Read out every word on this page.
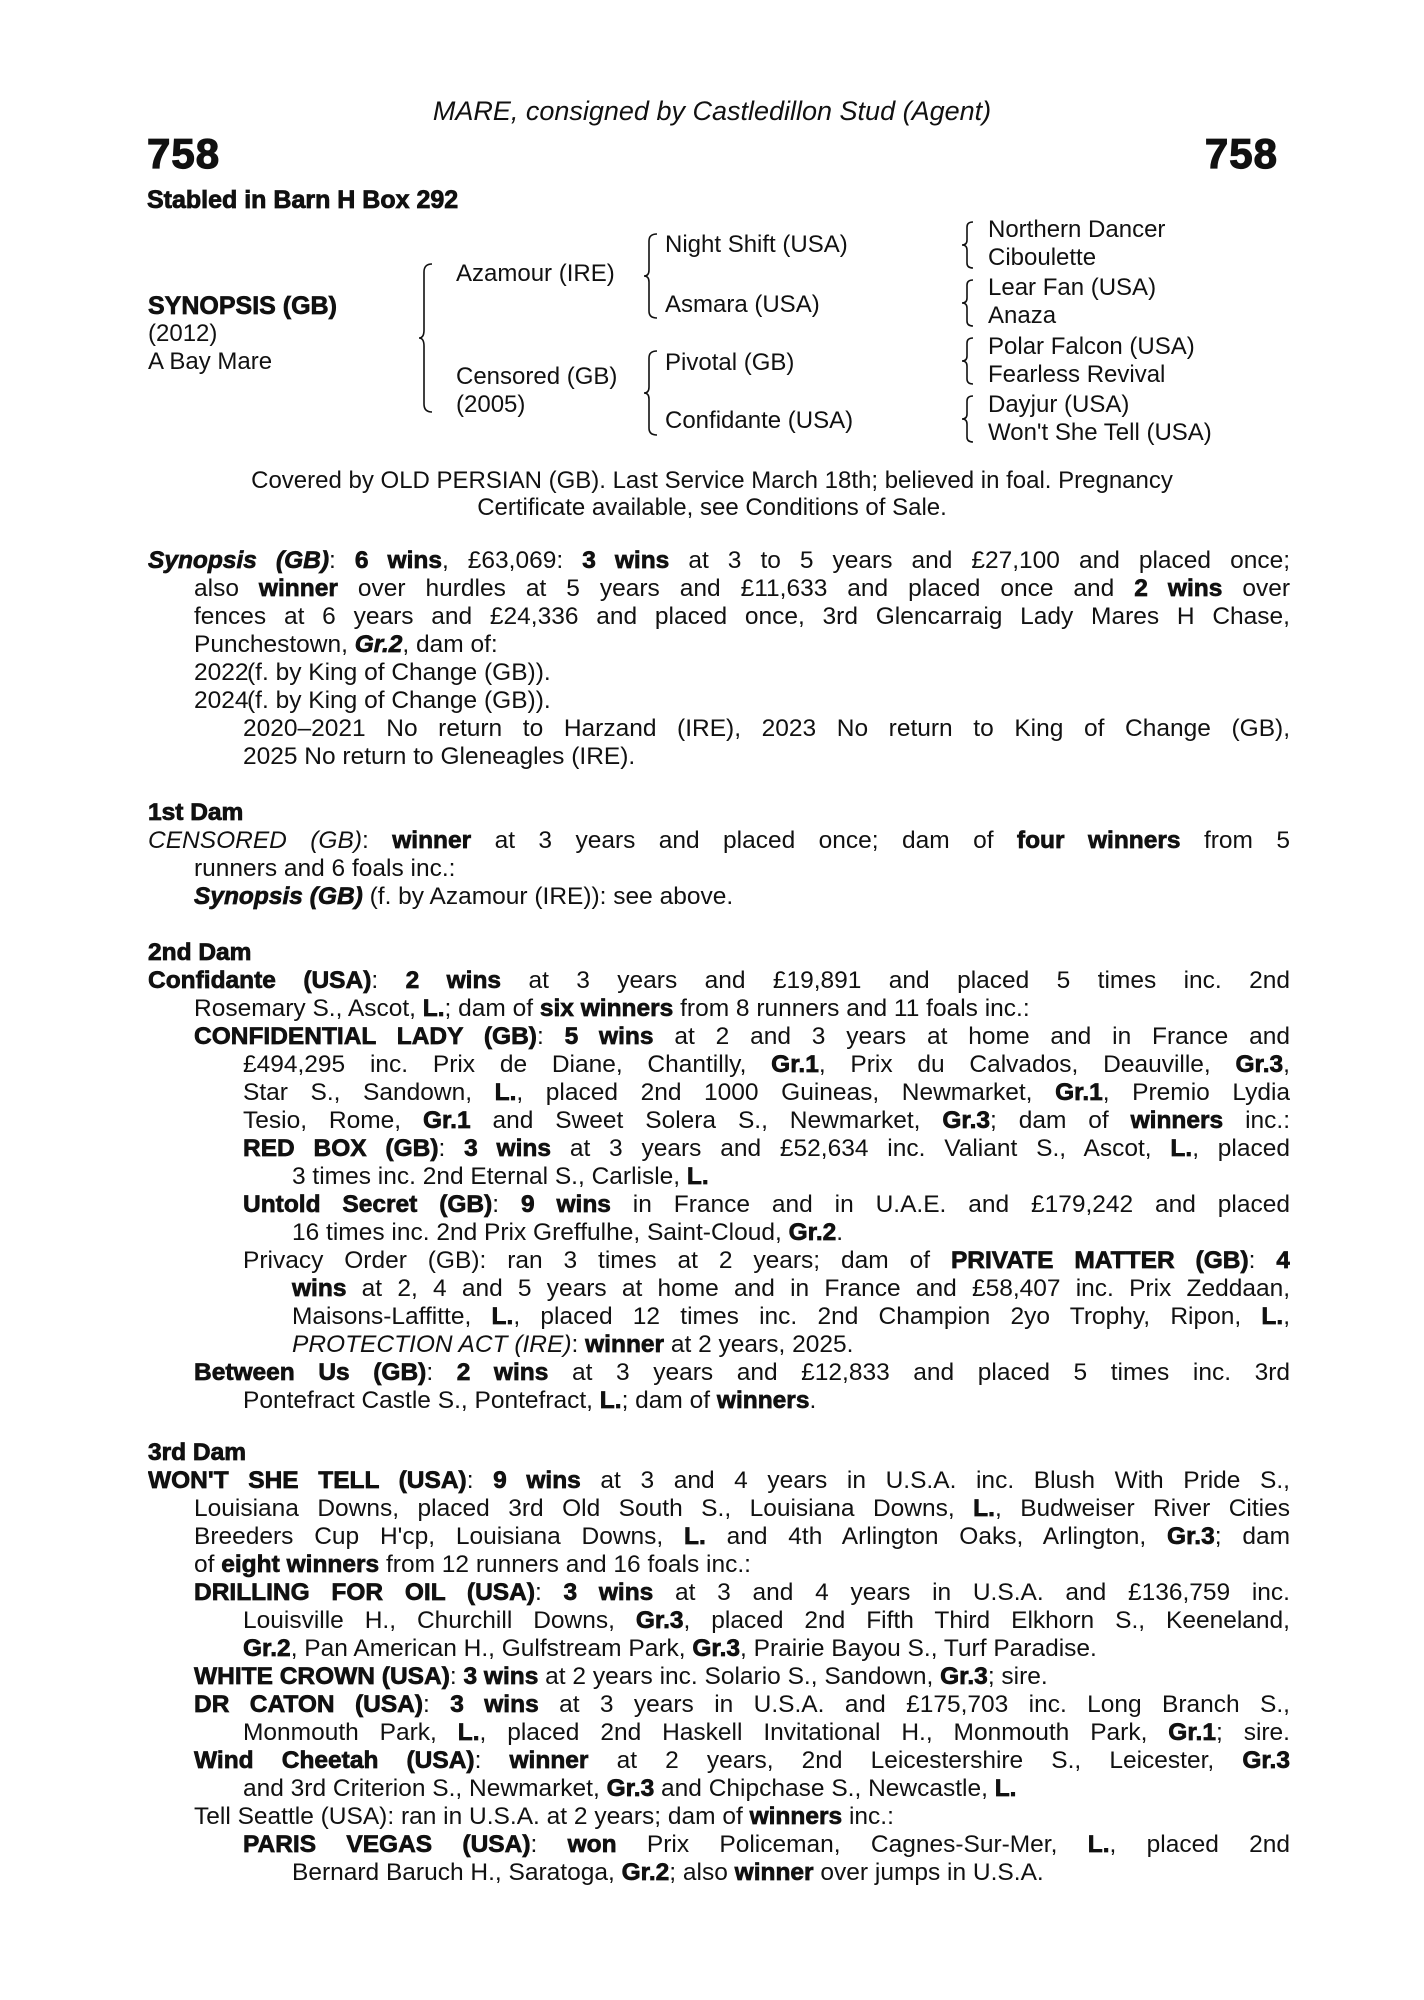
MARE, consigned by Castledillon Stud (Agent)
758	758
Stabled in Barn H Box 292
SYNOPSIS (GB)
(2012)
A Bay Mare
Azamour (IRE)
Censored (GB)
(2005)
Night Shift (USA)
Asmara (USA)
Pivotal (GB)
Confidante (USA)
Northern Dancer
Ciboulette
Lear Fan (USA)
Anaza
Polar Falcon (USA)
Fearless Revival
Dayjur (USA)
Won't She Tell (USA)
Covered by OLD PERSIAN (GB). Last Service March 18th; believed in foal. Pregnancy
Certificate available, see Conditions of Sale.
Synopsis (GB): 6 wins, £63,069: 3 wins at 3 to 5 years and £27,100 and placed once;
also winner over hurdles at 5 years and £11,633 and placed once and 2 wins over
fences at 6 years and £24,336 and placed once, 3rd Glencarraig Lady Mares H Chase,
Punchestown, Gr.2, dam of:
2022(f. by King of Change (GB)).
2024(f. by King of Change (GB)).
2020–2021 No return to Harzand (IRE), 2023 No return to King of Change (GB),
2025 No return to Gleneagles (IRE).
1st Dam
CENSORED (GB): winner at 3 years and placed once; dam of four winners from 5
runners and 6 foals inc.:
Synopsis (GB) (f. by Azamour (IRE)): see above.
2nd Dam
Confidante (USA): 2 wins at 3 years and £19,891 and placed 5 times inc. 2nd
Rosemary S., Ascot, L.; dam of six winners from 8 runners and 11 foals inc.:
CONFIDENTIAL LADY (GB): 5 wins at 2 and 3 years at home and in France and
£494,295 inc. Prix de Diane, Chantilly, Gr.1, Prix du Calvados, Deauville, Gr.3,
Star S., Sandown, L., placed 2nd 1000 Guineas, Newmarket, Gr.1, Premio Lydia
Tesio, Rome, Gr.1 and Sweet Solera S., Newmarket, Gr.3; dam of winners inc.:
RED BOX (GB): 3 wins at 3 years and £52,634 inc. Valiant S., Ascot, L., placed
3 times inc. 2nd Eternal S., Carlisle, L.
Untold Secret (GB): 9 wins in France and in U.A.E. and £179,242 and placed
16 times inc. 2nd Prix Greffulhe, Saint-Cloud, Gr.2.
Privacy Order (GB): ran 3 times at 2 years; dam of PRIVATE MATTER (GB): 4
wins at 2, 4 and 5 years at home and in France and £58,407 inc. Prix Zeddaan,
Maisons-Laffitte, L., placed 12 times inc. 2nd Champion 2yo Trophy, Ripon, L.,
PROTECTION ACT (IRE): winner at 2 years, 2025.
Between Us (GB): 2 wins at 3 years and £12,833 and placed 5 times inc. 3rd
Pontefract Castle S., Pontefract, L.; dam of winners.
3rd Dam
WON'T SHE TELL (USA): 9 wins at 3 and 4 years in U.S.A. inc. Blush With Pride S.,
Louisiana Downs, placed 3rd Old South S., Louisiana Downs, L., Budweiser River Cities
Breeders Cup H'cp, Louisiana Downs, L. and 4th Arlington Oaks, Arlington, Gr.3; dam
of eight winners from 12 runners and 16 foals inc.:
DRILLING FOR OIL (USA): 3 wins at 3 and 4 years in U.S.A. and £136,759 inc.
Louisville H., Churchill Downs, Gr.3, placed 2nd Fifth Third Elkhorn S., Keeneland,
Gr.2, Pan American H., Gulfstream Park, Gr.3, Prairie Bayou S., Turf Paradise.
WHITE CROWN (USA): 3 wins at 2 years inc. Solario S., Sandown, Gr.3; sire.
DR CATON (USA): 3 wins at 3 years in U.S.A. and £175,703 inc. Long Branch S.,
Monmouth Park, L., placed 2nd Haskell Invitational H., Monmouth Park, Gr.1; sire.
Wind Cheetah (USA): winner at 2 years, 2nd Leicestershire S., Leicester, Gr.3
and 3rd Criterion S., Newmarket, Gr.3 and Chipchase S., Newcastle, L.
Tell Seattle (USA): ran in U.S.A. at 2 years; dam of winners inc.:
PARIS VEGAS (USA): won Prix Policeman, Cagnes-Sur-Mer, L., placed 2nd
Bernard Baruch H., Saratoga, Gr.2; also winner over jumps in U.S.A.
